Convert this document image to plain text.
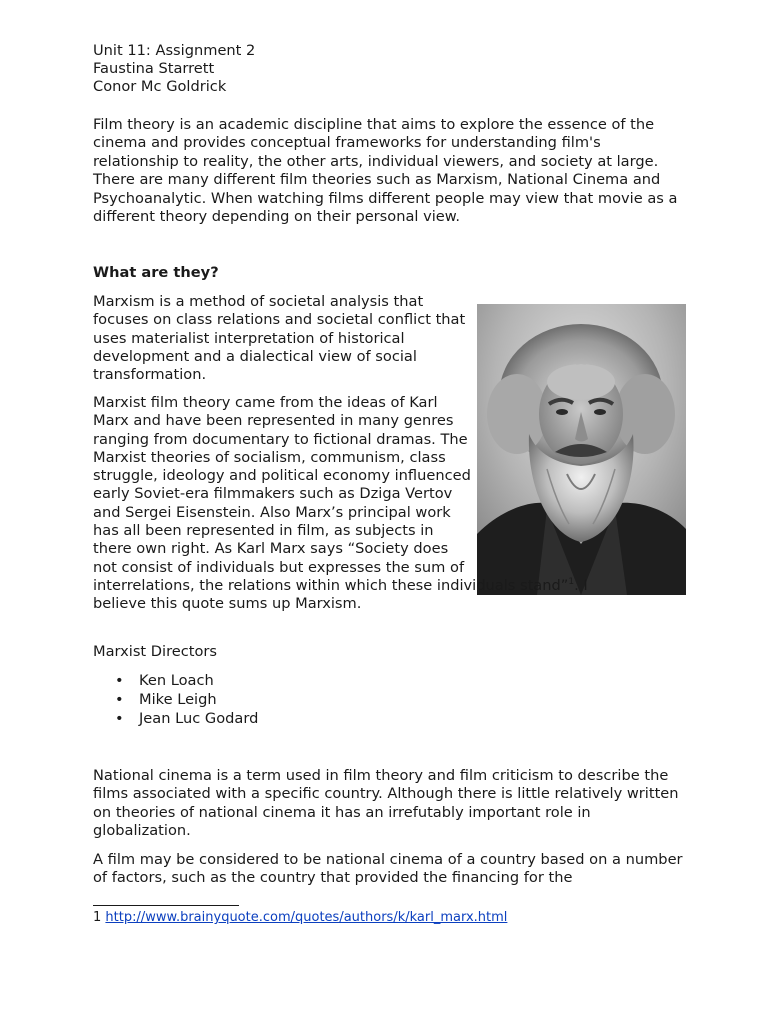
Unit 11: Assignment 2
Faustina Starrett
Conor Mc Goldrick

Film theory is an academic discipline that aims to explore the essence of the cinema and provides conceptual frameworks for understanding film's relationship to reality, the other arts, individual viewers, and society at large. There are many different film theories such as Marxism, National Cinema and Psychoanalytic. When watching films different people may view that movie as a different theory depending on their personal view.

What are they?

Marxism is a method of societal analysis that focuses on class relations and societal conflict that uses materialist interpretation of historical development and a dialectical view of social transformation.

Marxist film theory came from the ideas of Karl Marx and have been represented in many genres ranging from documentary to fictional dramas. The Marxist theories of socialism, communism, class struggle, ideology and political economy influenced early Soviet-era filmmakers such as Dziga Vertov and Sergei Eisenstein. Also Marx’s principal work has all been represented in film, as subjects in there own right. As Karl Marx says “Society does not consist of individuals but expresses the sum of
interrelations, the relations within which these individuals stand”$^1$. I believe this quote sums up Marxism.

Marxist Directors

• Ken Loach
• Mike Leigh
• Jean Luc Godard

National cinema is a term used in film theory and film criticism to describe the films associated with a specific country. Although there is little relatively written on theories of national cinema it has an irrefutably important role in globalization.

A film may be considered to be national cinema of a country based on a number of factors, such as the country that provided the financing for the

1 http://www.brainyquote.com/quotes/authors/k/karl_marx.html
